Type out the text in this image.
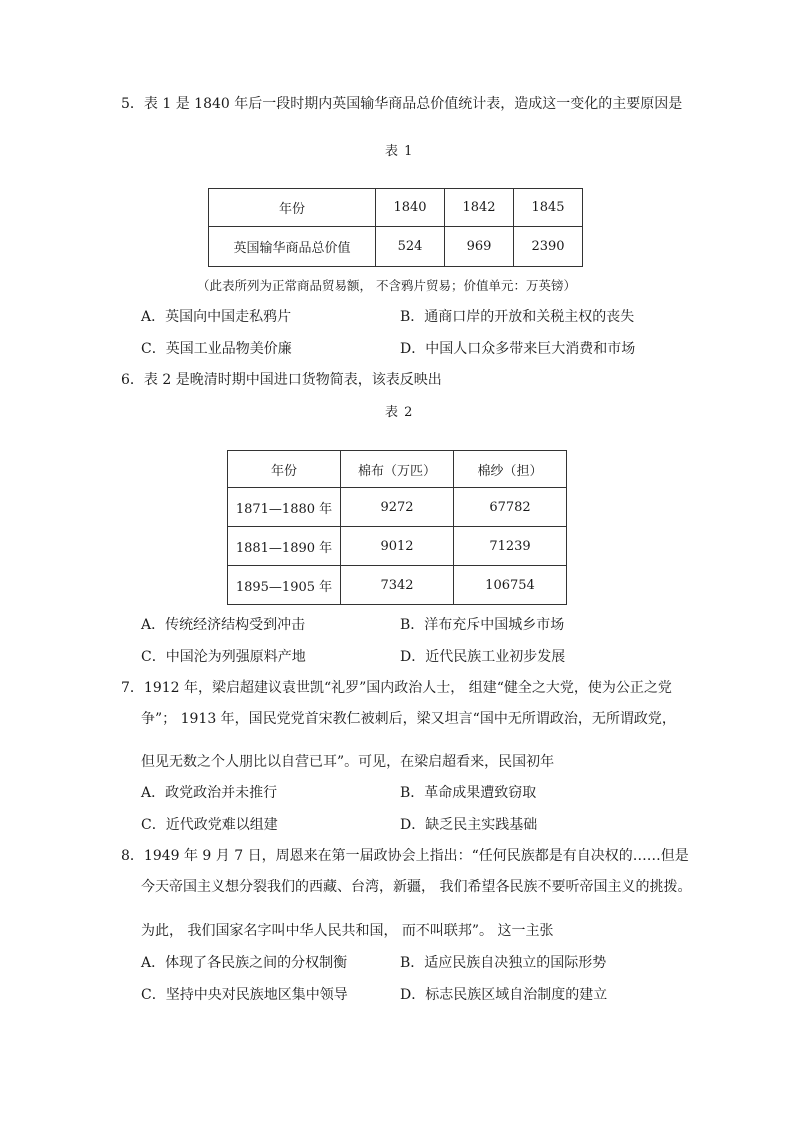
5．表 1 是 1840 年后一段时期内英国输华商品总价值统计表，造成这一变化的主要原因是
表 1
年份	1840	1842	1845
英国输华商品总价值	524	969	2390
（此表所列为正常商品贸易额， 不含鸦片贸易；价值单元：万英镑）
A．英国向中国走私鸦片	B．通商口岸的开放和关税主权的丧失
C．英国工业品物美价廉	D．中国人口众多带来巨大消费和市场
6．表 2 是晚清时期中国进口货物简表，该表反映出
表 2
年份	棉布（万匹）	棉纱（担）
1871—1880 年	9272	67782
1881—1890 年	9012	71239
1895—1905 年	7342	106754
A．传统经济结构受到冲击	B．洋布充斥中国城乡市场
C．中国沦为列强原料产地	D．近代民族工业初步发展
7．1912 年，梁启超建议袁世凯“礼罗”国内政治人士， 组建“健全之大党，使为公正之党
争”； 1913 年，国民党党首宋教仁被刺后，梁又坦言“国中无所谓政治，无所谓政党，
但见无数之个人朋比以自营已耳”。可见，在梁启超看来，民国初年
A．政党政治并未推行	B．革命成果遭致窃取
C．近代政党难以组建	D．缺乏民主实践基础
8．1949 年 9 月 7 日，周恩来在第一届政协会上指出：“任何民族都是有自决权的……但是
今天帝国主义想分裂我们的西藏、台湾，新疆， 我们希望各民族不要听帝国主义的挑拨。
为此， 我们国家名字叫中华人民共和国， 而不叫联邦”。 这一主张
A．体现了各民族之间的分权制衡	B．适应民族自决独立的国际形势
C．坚持中央对民族地区集中领导	D．标志民族区域自治制度的建立
